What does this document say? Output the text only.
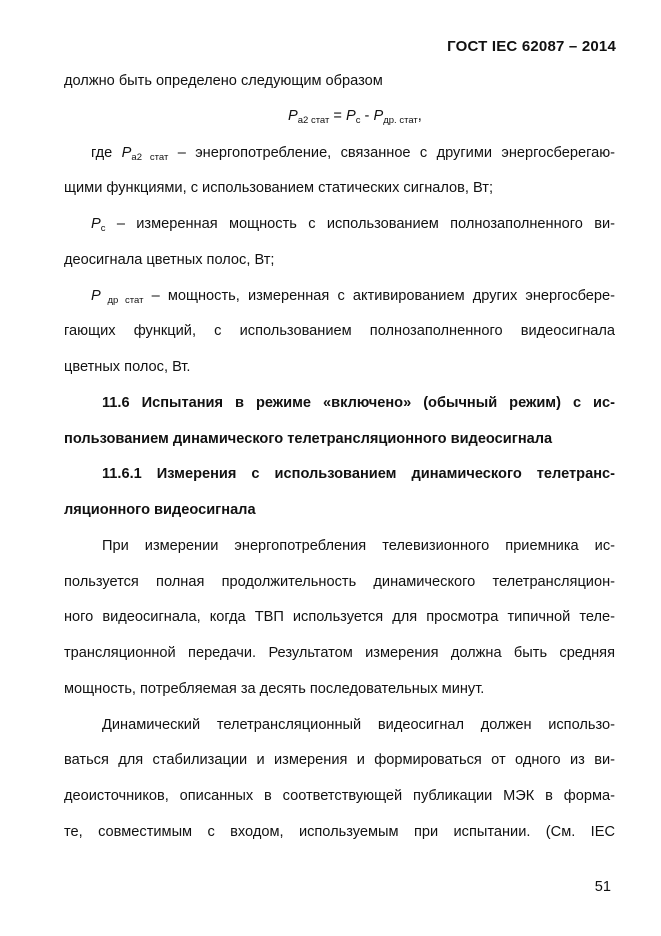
ГОСТ IEC 62087 – 2014
должно быть определено следующим образом
$P_{a2 стат} = P_с - P_{др. стат}$,
где $P_{a2 стат}$ – энергопотребление, связанное с другими энергосберегаю-
щими функциями, с использованием статических сигналов, Вт;
$P_с$ – измеренная мощность с использованием полнозаполненного ви-
деосигнала цветных полос, Вт;
P $_{др стат}$ – мощность, измеренная с активированием других энергосбере-
гающих функций, с использованием полнозаполненного видеосигнала
цветных полос, Вт.
11.6 Испытания в режиме «включено» (обычный режим) с ис-
пользованием динамического телетрансляционного видеосигнала
11.6.1 Измерения с использованием динамического телетранс-
ляционного видеосигнала
При измерении энергопотребления телевизионного приемника ис-
пользуется полная продолжительность динамического телетрансляцион-
ного видеосигнала, когда ТВП используется для просмотра типичной теле-
трансляционной передачи. Результатом измерения должна быть средняя
мощность, потребляемая за десять последовательных минут.
Динамический телетрансляционный видеосигнал должен использо-
ваться для стабилизации и измерения и формироваться от одного из ви-
деоисточников, описанных в соответствующей публикации МЭК в форма-
те, совместимым с входом, используемым при испытании. (См. IEC
51
